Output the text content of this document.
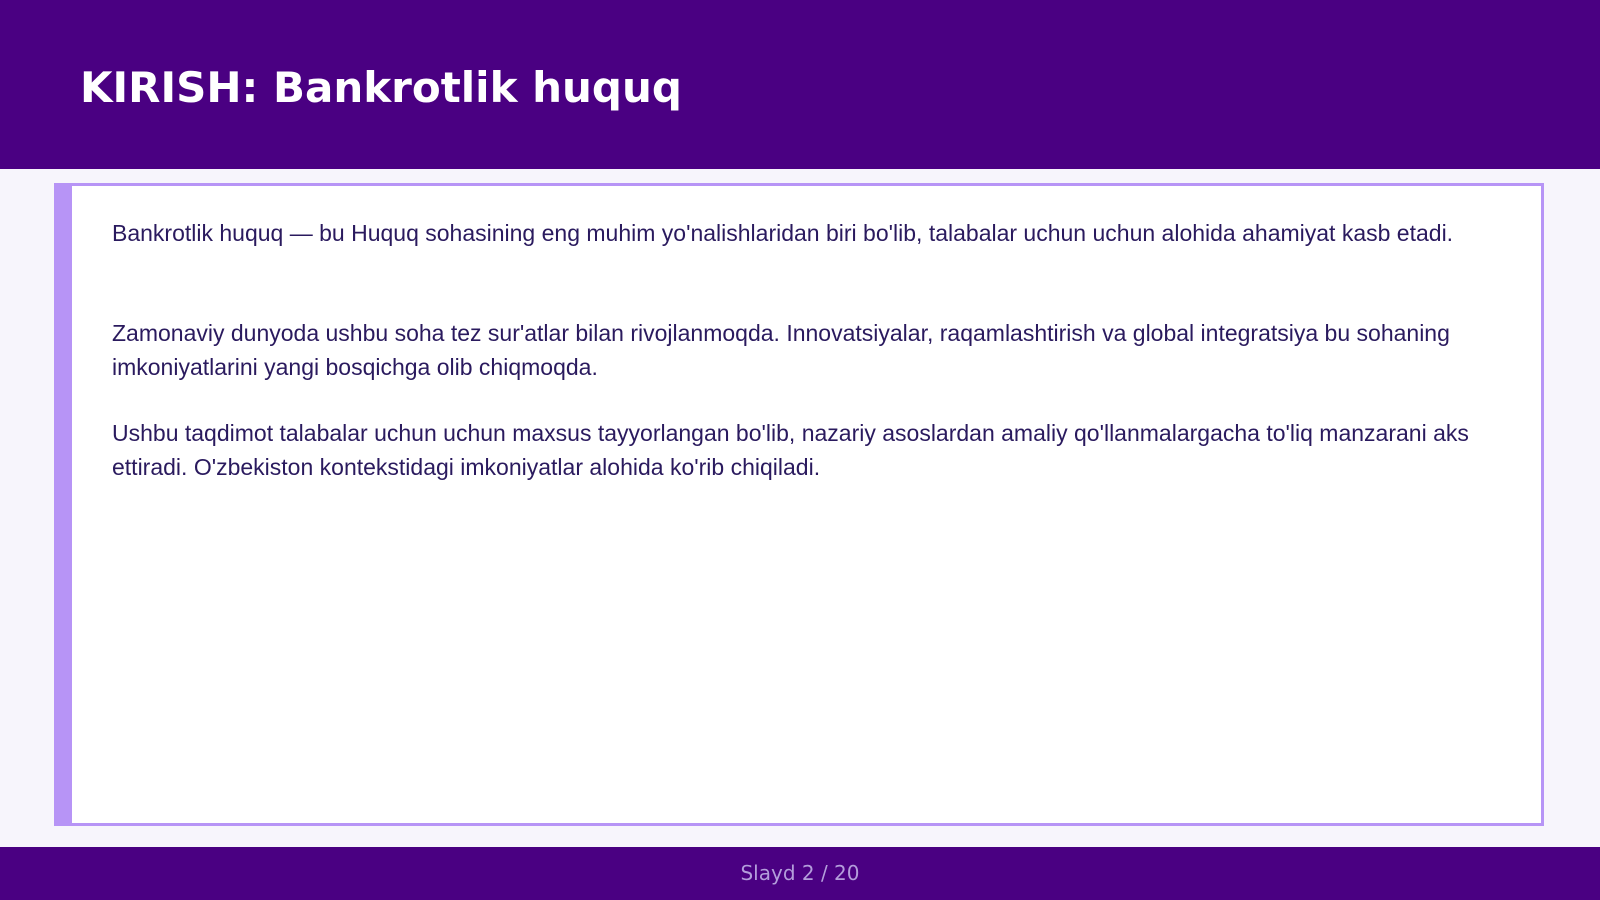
KIRISH: Bankrotlik huquq

Bankrotlik huquq — bu Huquq sohasining eng muhim yo'nalishlaridan biri bo'lib, talabalar uchun uchun alohida ahamiyat kasb etadi.

Zamonaviy dunyoda ushbu soha tez sur'atlar bilan rivojlanmoqda. Innovatsiyalar, raqamlashtirish va global integratsiya bu sohaning imkoniyatlarini yangi bosqichga olib chiqmoqda.

Ushbu taqdimot talabalar uchun uchun maxsus tayyorlangan bo'lib, nazariy asoslardan amaliy qo'llanmalargacha to'liq manzarani aks ettiradi. O'zbekiston kontekstidagi imkoniyatlar alohida ko'rib chiqiladi.

Slayd 2 / 20
